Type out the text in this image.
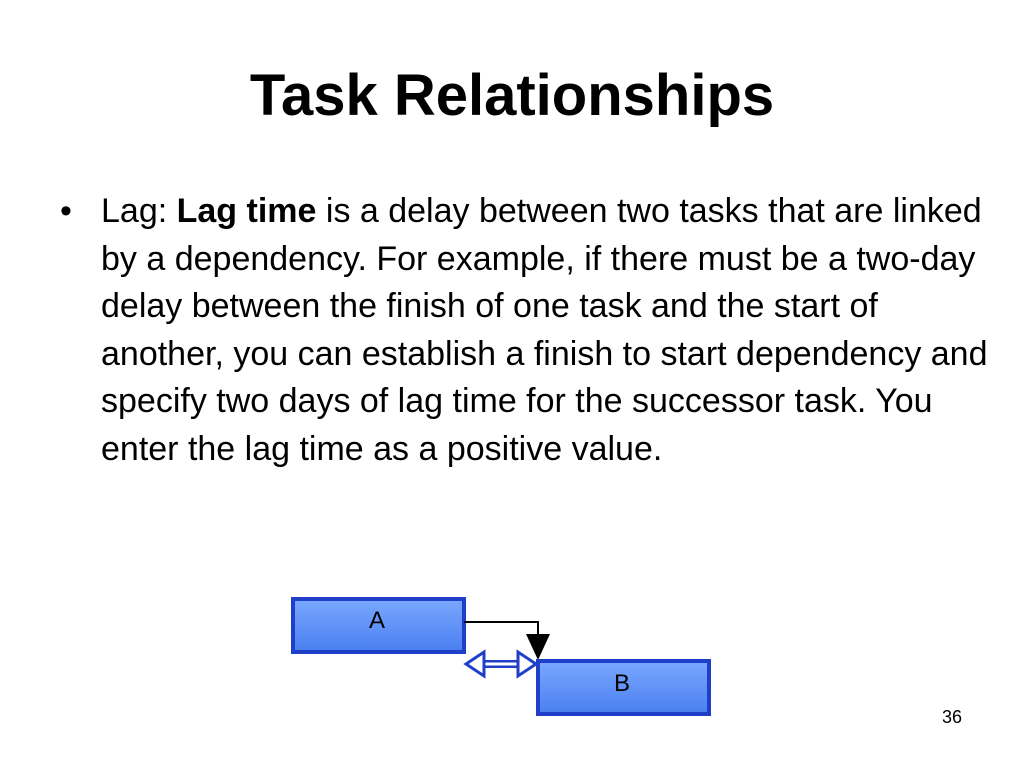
Task Relationships
• Lag: Lag time is a delay between two tasks that are linked by a dependency. For example, if there must be a two-day delay between the finish of one task and the start of another, you can establish a finish to start dependency and specify two days of lag time for the successor task. You enter the lag time as a positive value.
A
B
36
